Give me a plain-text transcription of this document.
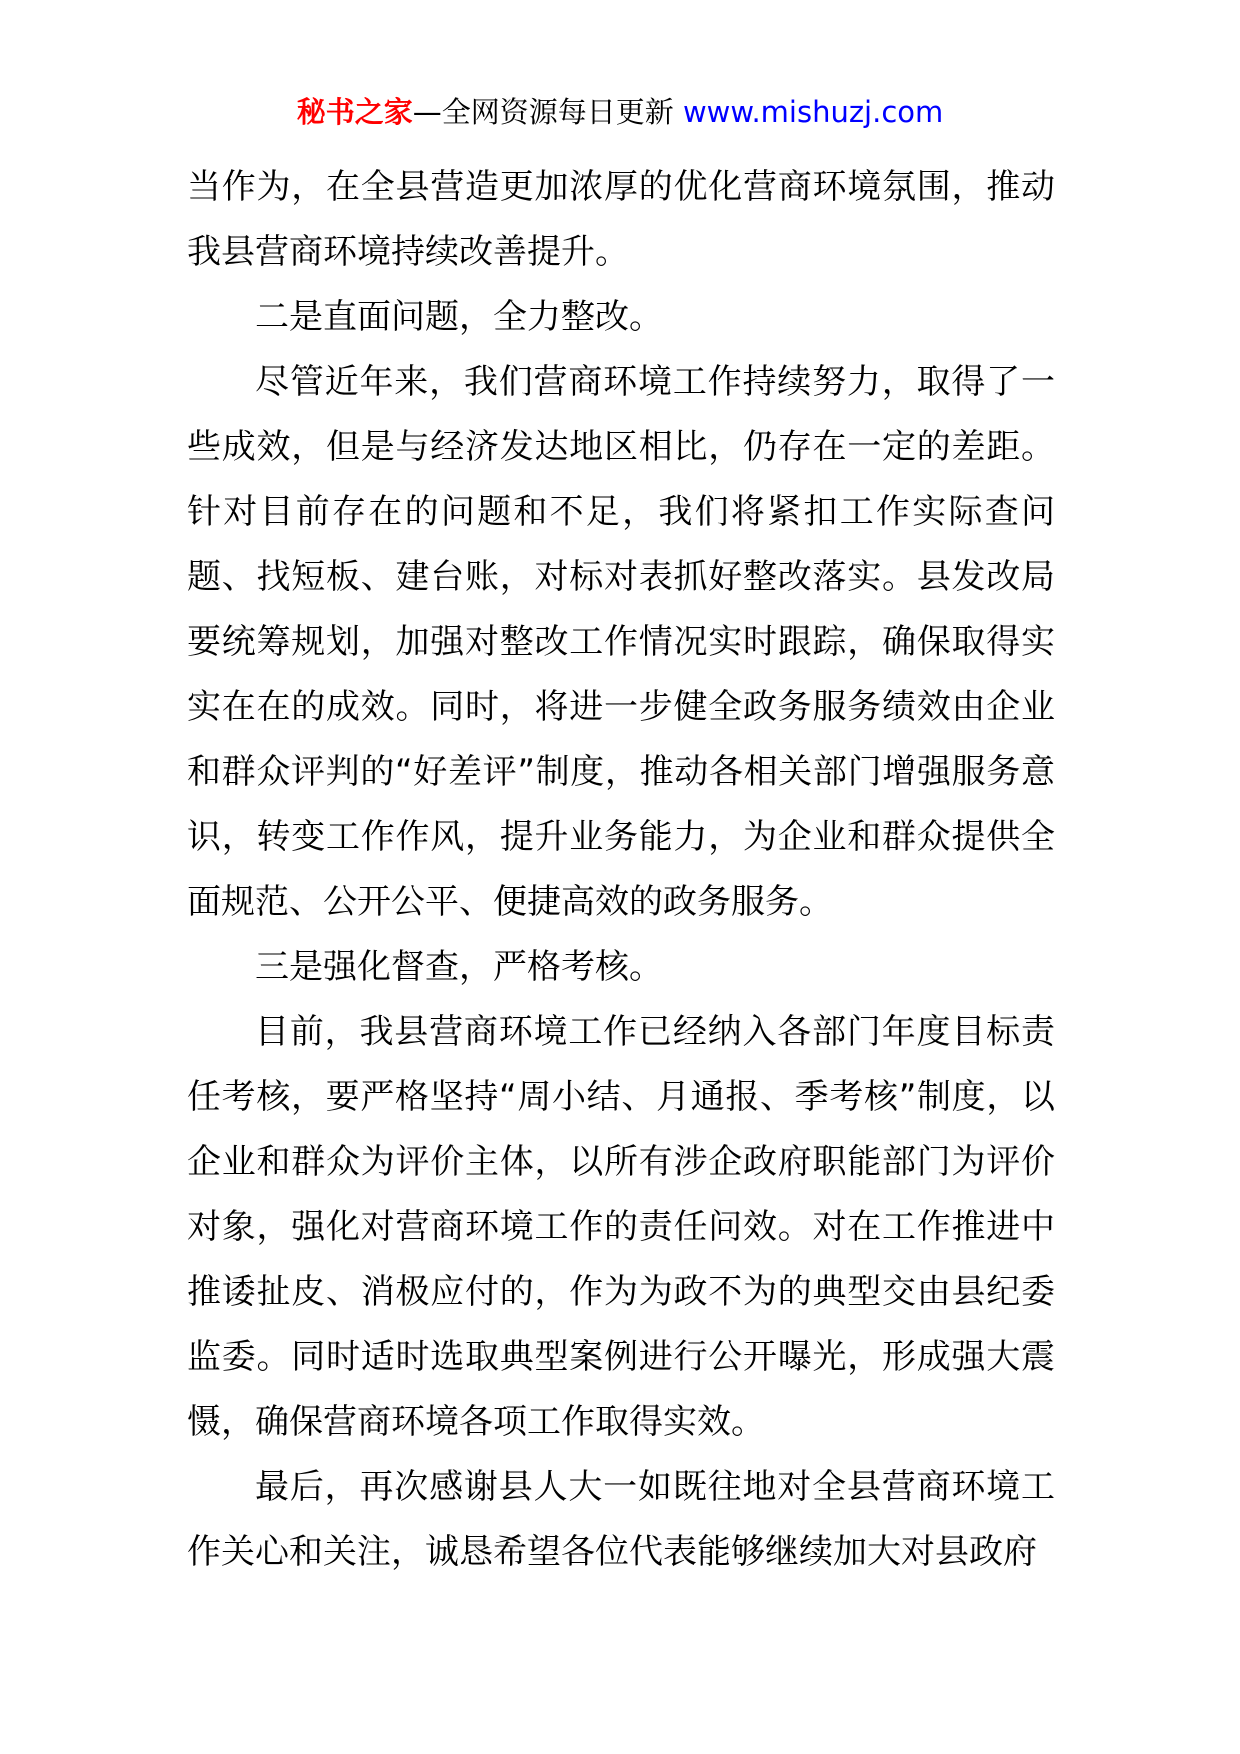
秘书之家—全网资源每日更新 www.mishuzj.com

当作为，在全县营造更加浓厚的优化营商环境氛围，推动我县营商环境持续改善提升。

二是直面问题，全力整改。

尽管近年来，我们营商环境工作持续努力，取得了一些成效，但是与经济发达地区相比，仍存在一定的差距。针对目前存在的问题和不足，我们将紧扣工作实际查问题、找短板、建台账，对标对表抓好整改落实。县发改局要统筹规划，加强对整改工作情况实时跟踪，确保取得实实在在的成效。同时，将进一步健全政务服务绩效由企业和群众评判的“好差评”制度，推动各相关部门增强服务意识，转变工作作风，提升业务能力，为企业和群众提供全面规范、公开公平、便捷高效的政务服务。

三是强化督查，严格考核。

目前，我县营商环境工作已经纳入各部门年度目标责任考核，要严格坚持“周小结、月通报、季考核”制度，以企业和群众为评价主体，以所有涉企政府职能部门为评价对象，强化对营商环境工作的责任问效。对在工作推进中推诿扯皮、消极应付的，作为为政不为的典型交由县纪委监委。同时适时选取典型案例进行公开曝光，形成强大震慑，确保营商环境各项工作取得实效。

最后，再次感谢县人大一如既往地对全县营商环境工作关心和关注，诚恳希望各位代表能够继续加大对县政府
